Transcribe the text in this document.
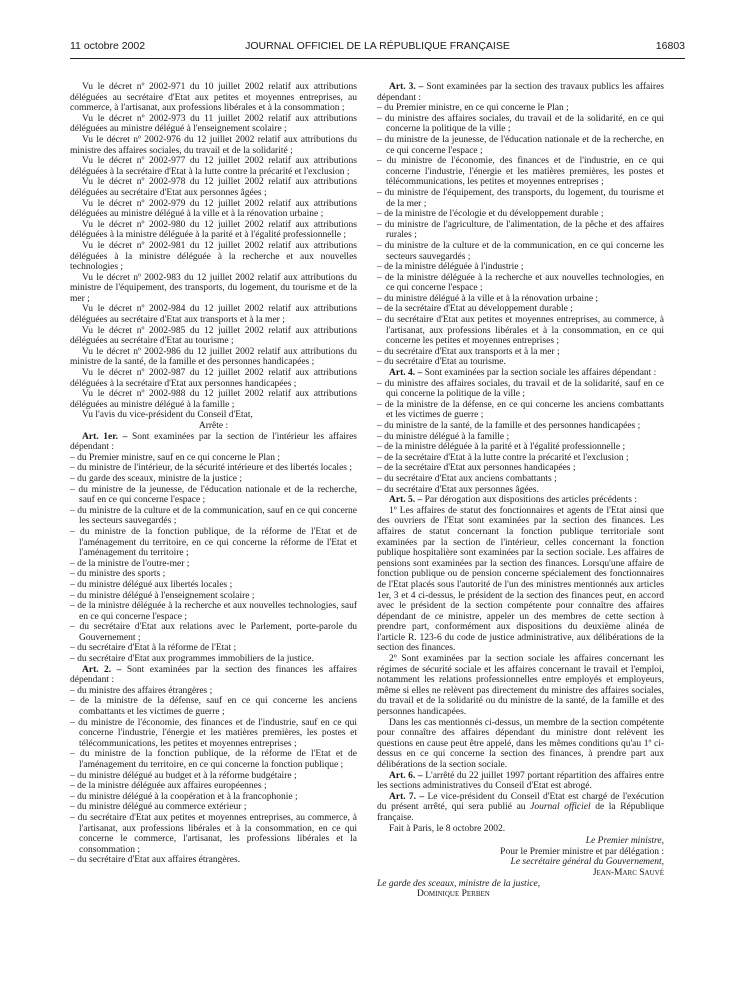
11 octobre 2002	JOURNAL OFFICIEL DE LA RÉPUBLIQUE FRANÇAISE	16803

Vu le décret nº 2002-971 du 10 juillet 2002 relatif aux attributions déléguées au secrétaire d'Etat aux petites et moyennes entreprises, au commerce, à l'artisanat, aux professions libérales et à la consommation ;

Vu le décret nº 2002-973 du 11 juillet 2002 relatif aux attributions déléguées au ministre délégué à l'enseignement scolaire ;

Vu le décret nº 2002-976 du 12 juillet 2002 relatif aux attributions du ministre des affaires sociales, du travail et de la solidarité ;

Vu le décret nº 2002-977 du 12 juillet 2002 relatif aux attributions déléguées à la secrétaire d'Etat à la lutte contre la précarité et l'exclusion ;

Vu le décret nº 2002-978 du 12 juillet 2002 relatif aux attributions déléguées au secrétaire d'Etat aux personnes âgées ;

Vu le décret nº 2002-979 du 12 juillet 2002 relatif aux attributions déléguées au ministre délégué à la ville et à la rénovation urbaine ;

Vu le décret nº 2002-980 du 12 juillet 2002 relatif aux attributions déléguées à la ministre déléguée à la parité et à l'égalité professionnelle ;

Vu le décret nº 2002-981 du 12 juillet 2002 relatif aux attributions déléguées à la ministre déléguée à la recherche et aux nouvelles technologies ;

Vu le décret nº 2002-983 du 12 juillet 2002 relatif aux attributions du ministre de l'équipement, des transports, du logement, du tourisme et de la mer ;

Vu le décret nº 2002-984 du 12 juillet 2002 relatif aux attributions déléguées au secrétaire d'Etat aux transports et à la mer ;

Vu le décret nº 2002-985 du 12 juillet 2002 relatif aux attributions déléguées au secrétaire d'Etat au tourisme ;

Vu le décret nº 2002-986 du 12 juillet 2002 relatif aux attributions du ministre de la santé, de la famille et des personnes handicapées ;

Vu le décret nº 2002-987 du 12 juillet 2002 relatif aux attributions déléguées à la secrétaire d'Etat aux personnes handicapées ;

Vu le décret nº 2002-988 du 12 juillet 2002 relatif aux attributions déléguées au ministre délégué à la famille ;

Vu l'avis du vice-président du Conseil d'Etat,

Arrête :

Art. 1er. – Sont examinées par la section de l'intérieur les affaires dépendant :

– du Premier ministre, sauf en ce qui concerne le Plan ;

– du ministre de l'intérieur, de la sécurité intérieure et des libertés locales ;

– du garde des sceaux, ministre de la justice ;

– du ministre de la jeunesse, de l'éducation nationale et de la recherche, sauf en ce qui concerne l'espace ;

– du ministre de la culture et de la communication, sauf en ce qui concerne les secteurs sauvegardés ;

– du ministre de la fonction publique, de la réforme de l'Etat et de l'aménagement du territoire, en ce qui concerne la réforme de l'Etat et l'aménagement du territoire ;

– de la ministre de l'outre-mer ;

– du ministre des sports ;

– du ministre délégué aux libertés locales ;

– du ministre délégué à l'enseignement scolaire ;

– de la ministre déléguée à la recherche et aux nouvelles technologies, sauf en ce qui concerne l'espace ;

– du secrétaire d'Etat aux relations avec le Parlement, porte-parole du Gouvernement ;

– du secrétaire d'Etat à la réforme de l'Etat ;

– du secrétaire d'Etat aux programmes immobiliers de la justice.

Art. 2. – Sont examinées par la section des finances les affaires dépendant :

– du ministre des affaires étrangères ;

– de la ministre de la défense, sauf en ce qui concerne les anciens combattants et les victimes de guerre ;

– du ministre de l'économie, des finances et de l'industrie, sauf en ce qui concerne l'industrie, l'énergie et les matières premières, les postes et télécommunications, les petites et moyennes entreprises ;

– du ministre de la fonction publique, de la réforme de l'Etat et de l'aménagement du territoire, en ce qui concerne la fonction publique ;

– du ministre délégué au budget et à la réforme budgétaire ;

– de la ministre déléguée aux affaires européennes ;

– du ministre délégué à la coopération et à la francophonie ;

– du ministre délégué au commerce extérieur ;

– du secrétaire d'Etat aux petites et moyennes entreprises, au commerce, à l'artisanat, aux professions libérales et à la consommation, en ce qui concerne le commerce, l'artisanat, les professions libérales et la consommation ;

– du secrétaire d'Etat aux affaires étrangères.

Art. 3. – Sont examinées par la section des travaux publics les affaires dépendant :

– du Premier ministre, en ce qui concerne le Plan ;

– du ministre des affaires sociales, du travail et de la solidarité, en ce qui concerne la politique de la ville ;

– du ministre de la jeunesse, de l'éducation nationale et de la recherche, en ce qui concerne l'espace ;

– du ministre de l'économie, des finances et de l'industrie, en ce qui concerne l'industrie, l'énergie et les matières premières, les postes et télécommunications, les petites et moyennes entreprises ;

– du ministre de l'équipement, des transports, du logement, du tourisme et de la mer ;

– de la ministre de l'écologie et du développement durable ;

– du ministre de l'agriculture, de l'alimentation, de la pêche et des affaires rurales ;

– du ministre de la culture et de la communication, en ce qui concerne les secteurs sauvegardés ;

– de la ministre déléguée à l'industrie ;

– de la ministre déléguée à la recherche et aux nouvelles technologies, en ce qui concerne l'espace ;

– du ministre délégué à la ville et à la rénovation urbaine ;

– de la secrétaire d'Etat au développement durable ;

– du secrétaire d'Etat aux petites et moyennes entreprises, au commerce, à l'artisanat, aux professions libérales et à la consommation, en ce qui concerne les petites et moyennes entreprises ;

– du secrétaire d'Etat aux transports et à la mer ;

– du secrétaire d'Etat au tourisme.

Art. 4. – Sont examinées par la section sociale les affaires dépendant :

– du ministre des affaires sociales, du travail et de la solidarité, sauf en ce qui concerne la politique de la ville ;

– de la ministre de la défense, en ce qui concerne les anciens combattants et les victimes de guerre ;

– du ministre de la santé, de la famille et des personnes handicapées ;

– du ministre délégué à la famille ;

– de la ministre déléguée à la parité et à l'égalité professionnelle ;

– de la secrétaire d'Etat à la lutte contre la précarité et l'exclusion ;

– de la secrétaire d'Etat aux personnes handicapées ;

– du secrétaire d'Etat aux anciens combattants ;

– du secrétaire d'Etat aux personnes âgées.

Art. 5. – Par dérogation aux dispositions des articles précédents :

1º Les affaires de statut des fonctionnaires et agents de l'Etat ainsi que des ouvriers de l'Etat sont examinées par la section des finances. Les affaires de statut concernant la fonction publique territoriale sont examinées par la section de l'intérieur, celles concernant la fonction publique hospitalière sont examinées par la section sociale. Les affaires de pensions sont examinées par la section des finances. Lorsqu'une affaire de fonction publique ou de pension concerne spécialement des fonctionnaires de l'Etat placés sous l'autorité de l'un des ministres mentionnés aux articles 1er, 3 et 4 ci-dessus, le président de la section des finances peut, en accord avec le président de la section compétente pour connaître des affaires dépendant de ce ministre, appeler un des membres de cette section à prendre part, conformément aux dispositions du deuxième alinéa de l'article R. 123-6 du code de justice administrative, aux délibérations de la section des finances.

2º Sont examinées par la section sociale les affaires concernant les régimes de sécurité sociale et les affaires concernant le travail et l'emploi, notamment les relations professionnelles entre employés et employeurs, même si elles ne relèvent pas directement du ministre des affaires sociales, du travail et de la solidarité ou du ministre de la santé, de la famille et des personnes handicapées.

Dans les cas mentionnés ci-dessus, un membre de la section compétente pour connaître des affaires dépendant du ministre dont relèvent les questions en cause peut être appelé, dans les mêmes conditions qu'au 1º ci-dessus en ce qui concerne la section des finances, à prendre part aux délibérations de la section sociale.

Art. 6. – L'arrêté du 22 juillet 1997 portant répartition des affaires entre les sections administratives du Conseil d'Etat est abrogé.

Art. 7. – Le vice-président du Conseil d'Etat est chargé de l'exécution du présent arrêté, qui sera publié au Journal officiel de la République française.

Fait à Paris, le 8 octobre 2002.

Le Premier ministre,

Pour le Premier ministre et par délégation :

Le secrétaire général du Gouvernement,

Jean-Marc Sauvé

Le garde des sceaux, ministre de la justice,

Dominique Perben
